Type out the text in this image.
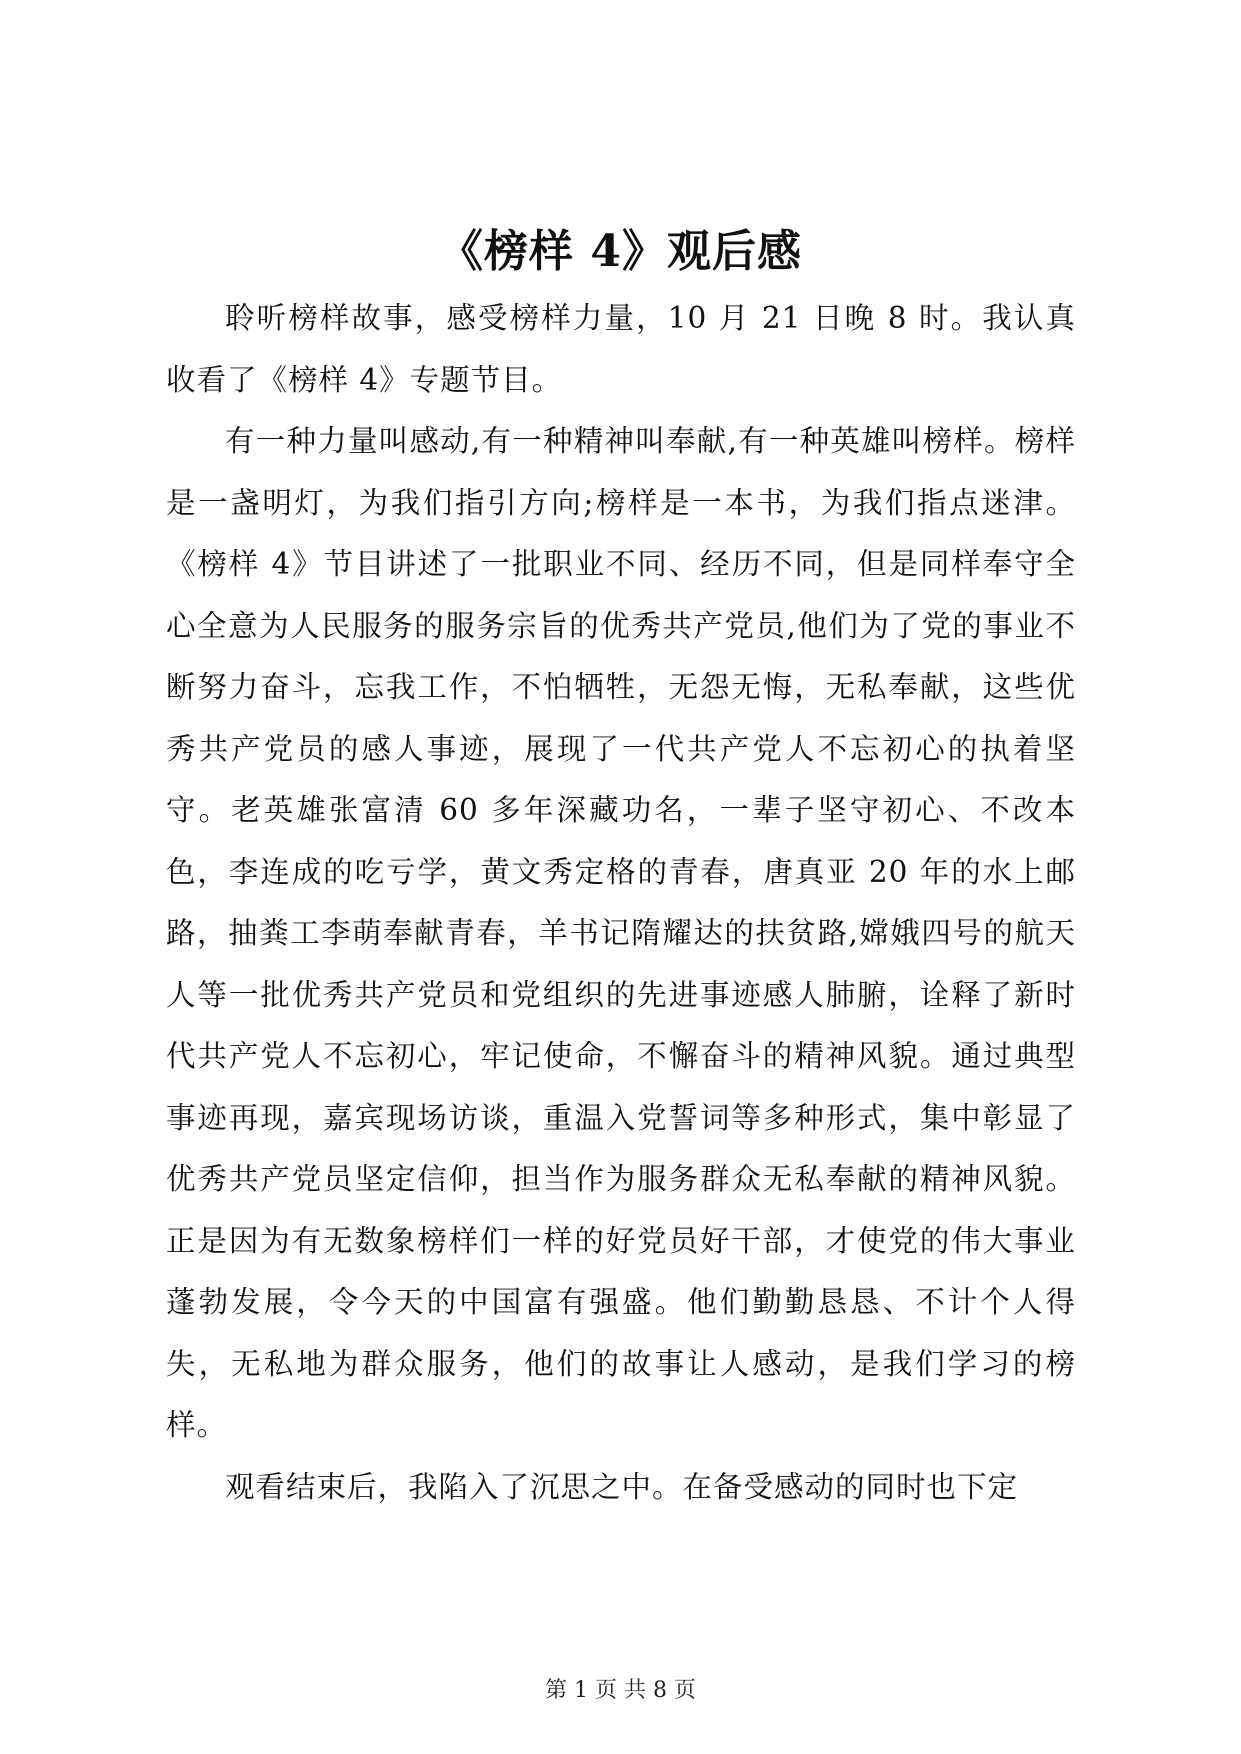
《榜样 4》观后感

聆听榜样故事，感受榜样力量，10 月 21 日晚 8 时。我认真收看了《榜样 4》专题节目。

有一种力量叫感动,有一种精神叫奉献,有一种英雄叫榜样。榜样是一盏明灯，为我们指引方向;榜样是一本书，为我们指点迷津。《榜样 4》节目讲述了一批职业不同、经历不同，但是同样奉守全心全意为人民服务的服务宗旨的优秀共产党员,他们为了党的事业不断努力奋斗，忘我工作，不怕牺牲，无怨无悔，无私奉献，这些优秀共产党员的感人事迹，展现了一代共产党人不忘初心的执着坚守。老英雄张富清 60 多年深藏功名，一辈子坚守初心、不改本色，李连成的吃亏学，黄文秀定格的青春，唐真亚 20 年的水上邮路，抽粪工李萌奉献青春，羊书记隋耀达的扶贫路,嫦娥四号的航天人等一批优秀共产党员和党组织的先进事迹感人肺腑，诠释了新时代共产党人不忘初心，牢记使命，不懈奋斗的精神风貌。通过典型事迹再现，嘉宾现场访谈，重温入党誓词等多种形式，集中彰显了优秀共产党员坚定信仰，担当作为服务群众无私奉献的精神风貌。正是因为有无数象榜样们一样的好党员好干部，才使党的伟大事业蓬勃发展，令今天的中国富有强盛。他们勤勤恳恳、不计个人得失，无私地为群众服务，他们的故事让人感动，是我们学习的榜样。

观看结束后，我陷入了沉思之中。在备受感动的同时也下定

第 1 页 共 8 页
